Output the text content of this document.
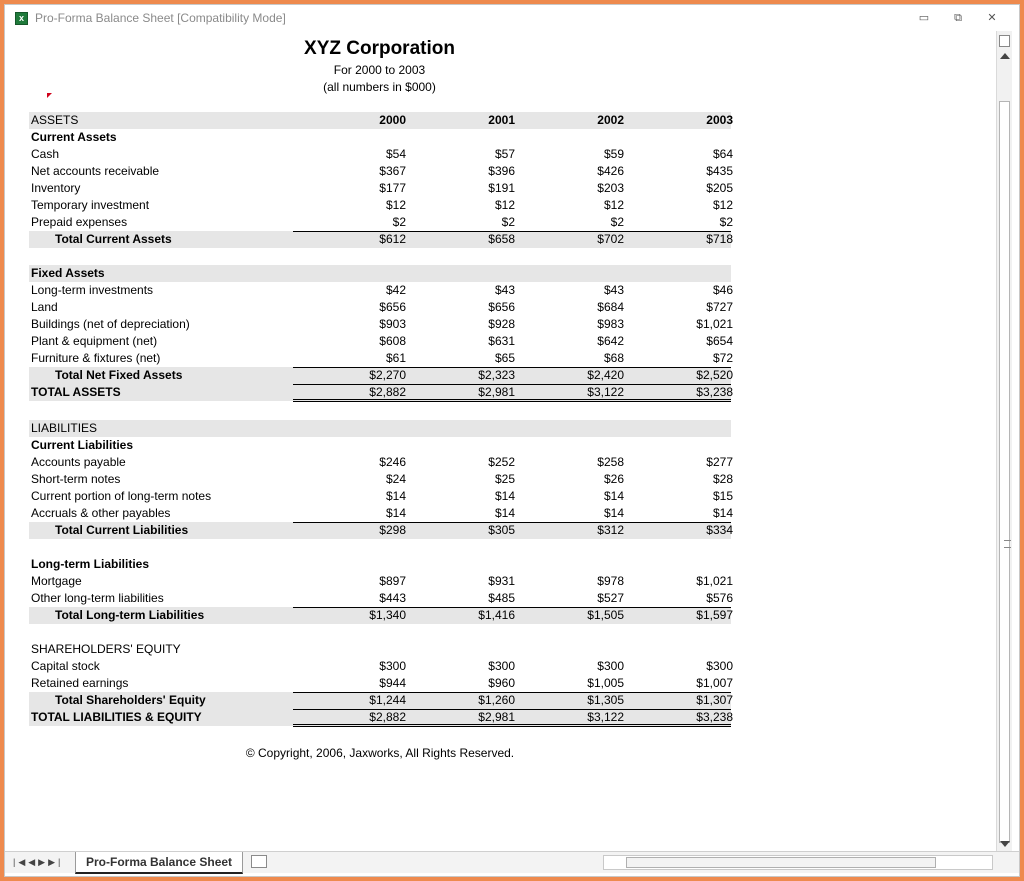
x Pro-Forma Balance Sheet [Compatibility Mode]	▭	⧉	✕
XYZ Corporation
For 2000 to 2003
(all numbers in $000)
ASSETS	2000	2001	2002	2003
Current Assets
Cash	$54	$57	$59	$64
Net accounts receivable	$367	$396	$426	$435
Inventory	$177	$191	$203	$205
Temporary investment	$12	$12	$12	$12
Prepaid expenses	$2	$2	$2	$2
Total Current Assets	$612	$658	$702	$718
Fixed Assets
Long-term investments	$42	$43	$43	$46
Land	$656	$656	$684	$727
Buildings (net of depreciation)	$903	$928	$983	$1,021
Plant & equipment (net)	$608	$631	$642	$654
Furniture & fixtures (net)	$61	$65	$68	$72
Total Net Fixed Assets	$2,270	$2,323	$2,420	$2,520
TOTAL ASSETS	$2,882	$2,981	$3,122	$3,238
LIABILITIES
Current Liabilities
Accounts payable	$246	$252	$258	$277
Short-term notes	$24	$25	$26	$28
Current portion of long-term notes	$14	$14	$14	$15
Accruals & other payables	$14	$14	$14	$14
Total Current Liabilities	$298	$305	$312	$334
Long-term Liabilities
Mortgage	$897	$931	$978	$1,021
Other long-term liabilities	$443	$485	$527	$576
Total Long-term Liabilities	$1,340	$1,416	$1,505	$1,597
SHAREHOLDERS' EQUITY
Capital stock	$300	$300	$300	$300
Retained earnings	$944	$960	$1,005	$1,007
Total Shareholders' Equity	$1,244	$1,260	$1,305	$1,307
TOTAL LIABILITIES & EQUITY	$2,882	$2,981	$3,122	$3,238
© Copyright, 2006, Jaxworks, All Rights Reserved.
|◀◀▶▶|	Pro-Forma Balance Sheet
